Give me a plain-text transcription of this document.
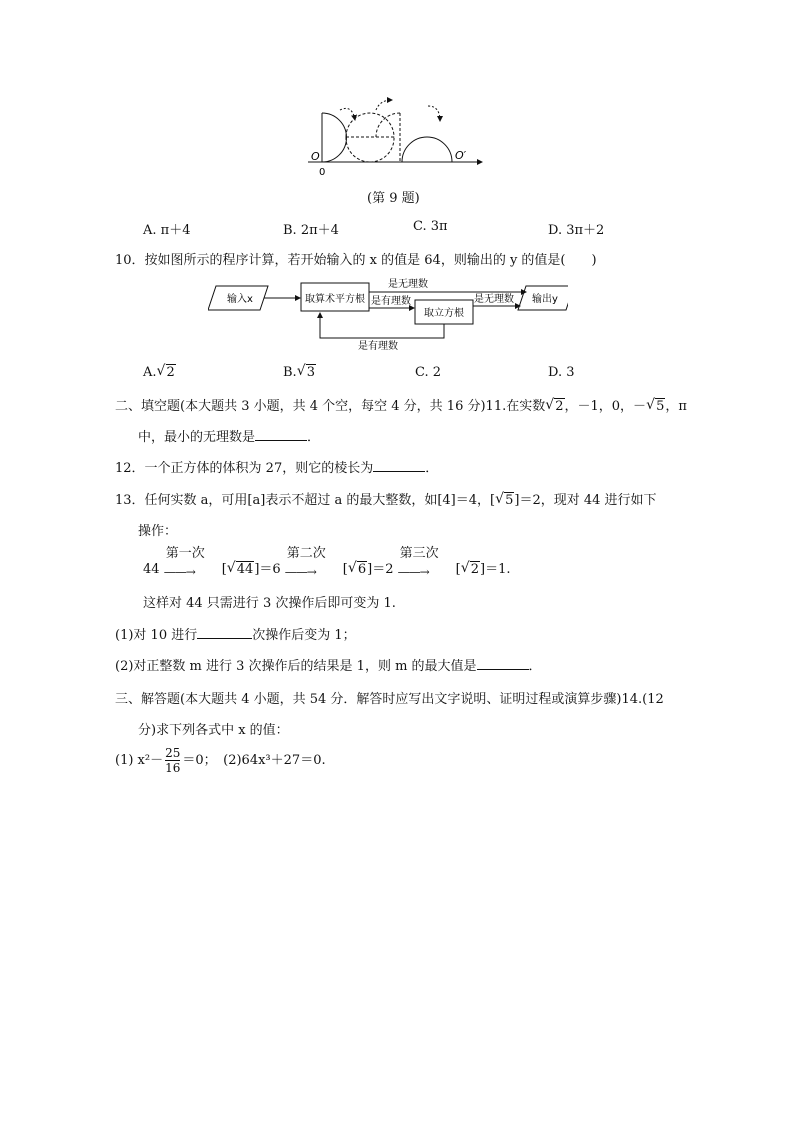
O
0
O′
(第 9 题)
A. π＋4	B. 2π＋4	C. 3π	D. 3π＋2
10．按如图所示的程序计算，若开始输入的 x 的值是 64，则输出的 y 的值是(　　)
输入x	取算术平方根
是无理数
是有理数
取立方根
是无理数 输出y
是有理数
A. √ 2	B. √ 3	C. 2	D. 3
二、填空题(本大题共 3 小题，共 4 个空，每空 4 分，共 16 分)11.在实数 √ 2，－1，0，－ √ 5，π
中，最小的无理数是	．
12．一个正方体的体积为 27，则它的棱长为	．
13．任何实数 a，可用[a]表示不超过 a 的最大整数，如[4]＝4，[ √ 5]＝2，现对 44 进行如下
操作：
44
第一次
——→ [ √ 44]＝6
第二次
——→ [ √ 6]＝2
第三次
——→ [ √ 2]＝1.
这样对 44 只需进行 3 次操作后即可变为 1.
(1)对 10 进行	次操作后变为 1；
(2)对正整数 m 进行 3 次操作后的结果是 1，则 m 的最大值是	．
三、解答题(本大题共 4 小题，共 54 分．解答时应写出文字说明、证明过程或演算步骤)14.(12
分)求下列各式中 x 的值：
(1) $x^2- \frac{25}{16} =0$；　(2)64x³＋27＝0.
